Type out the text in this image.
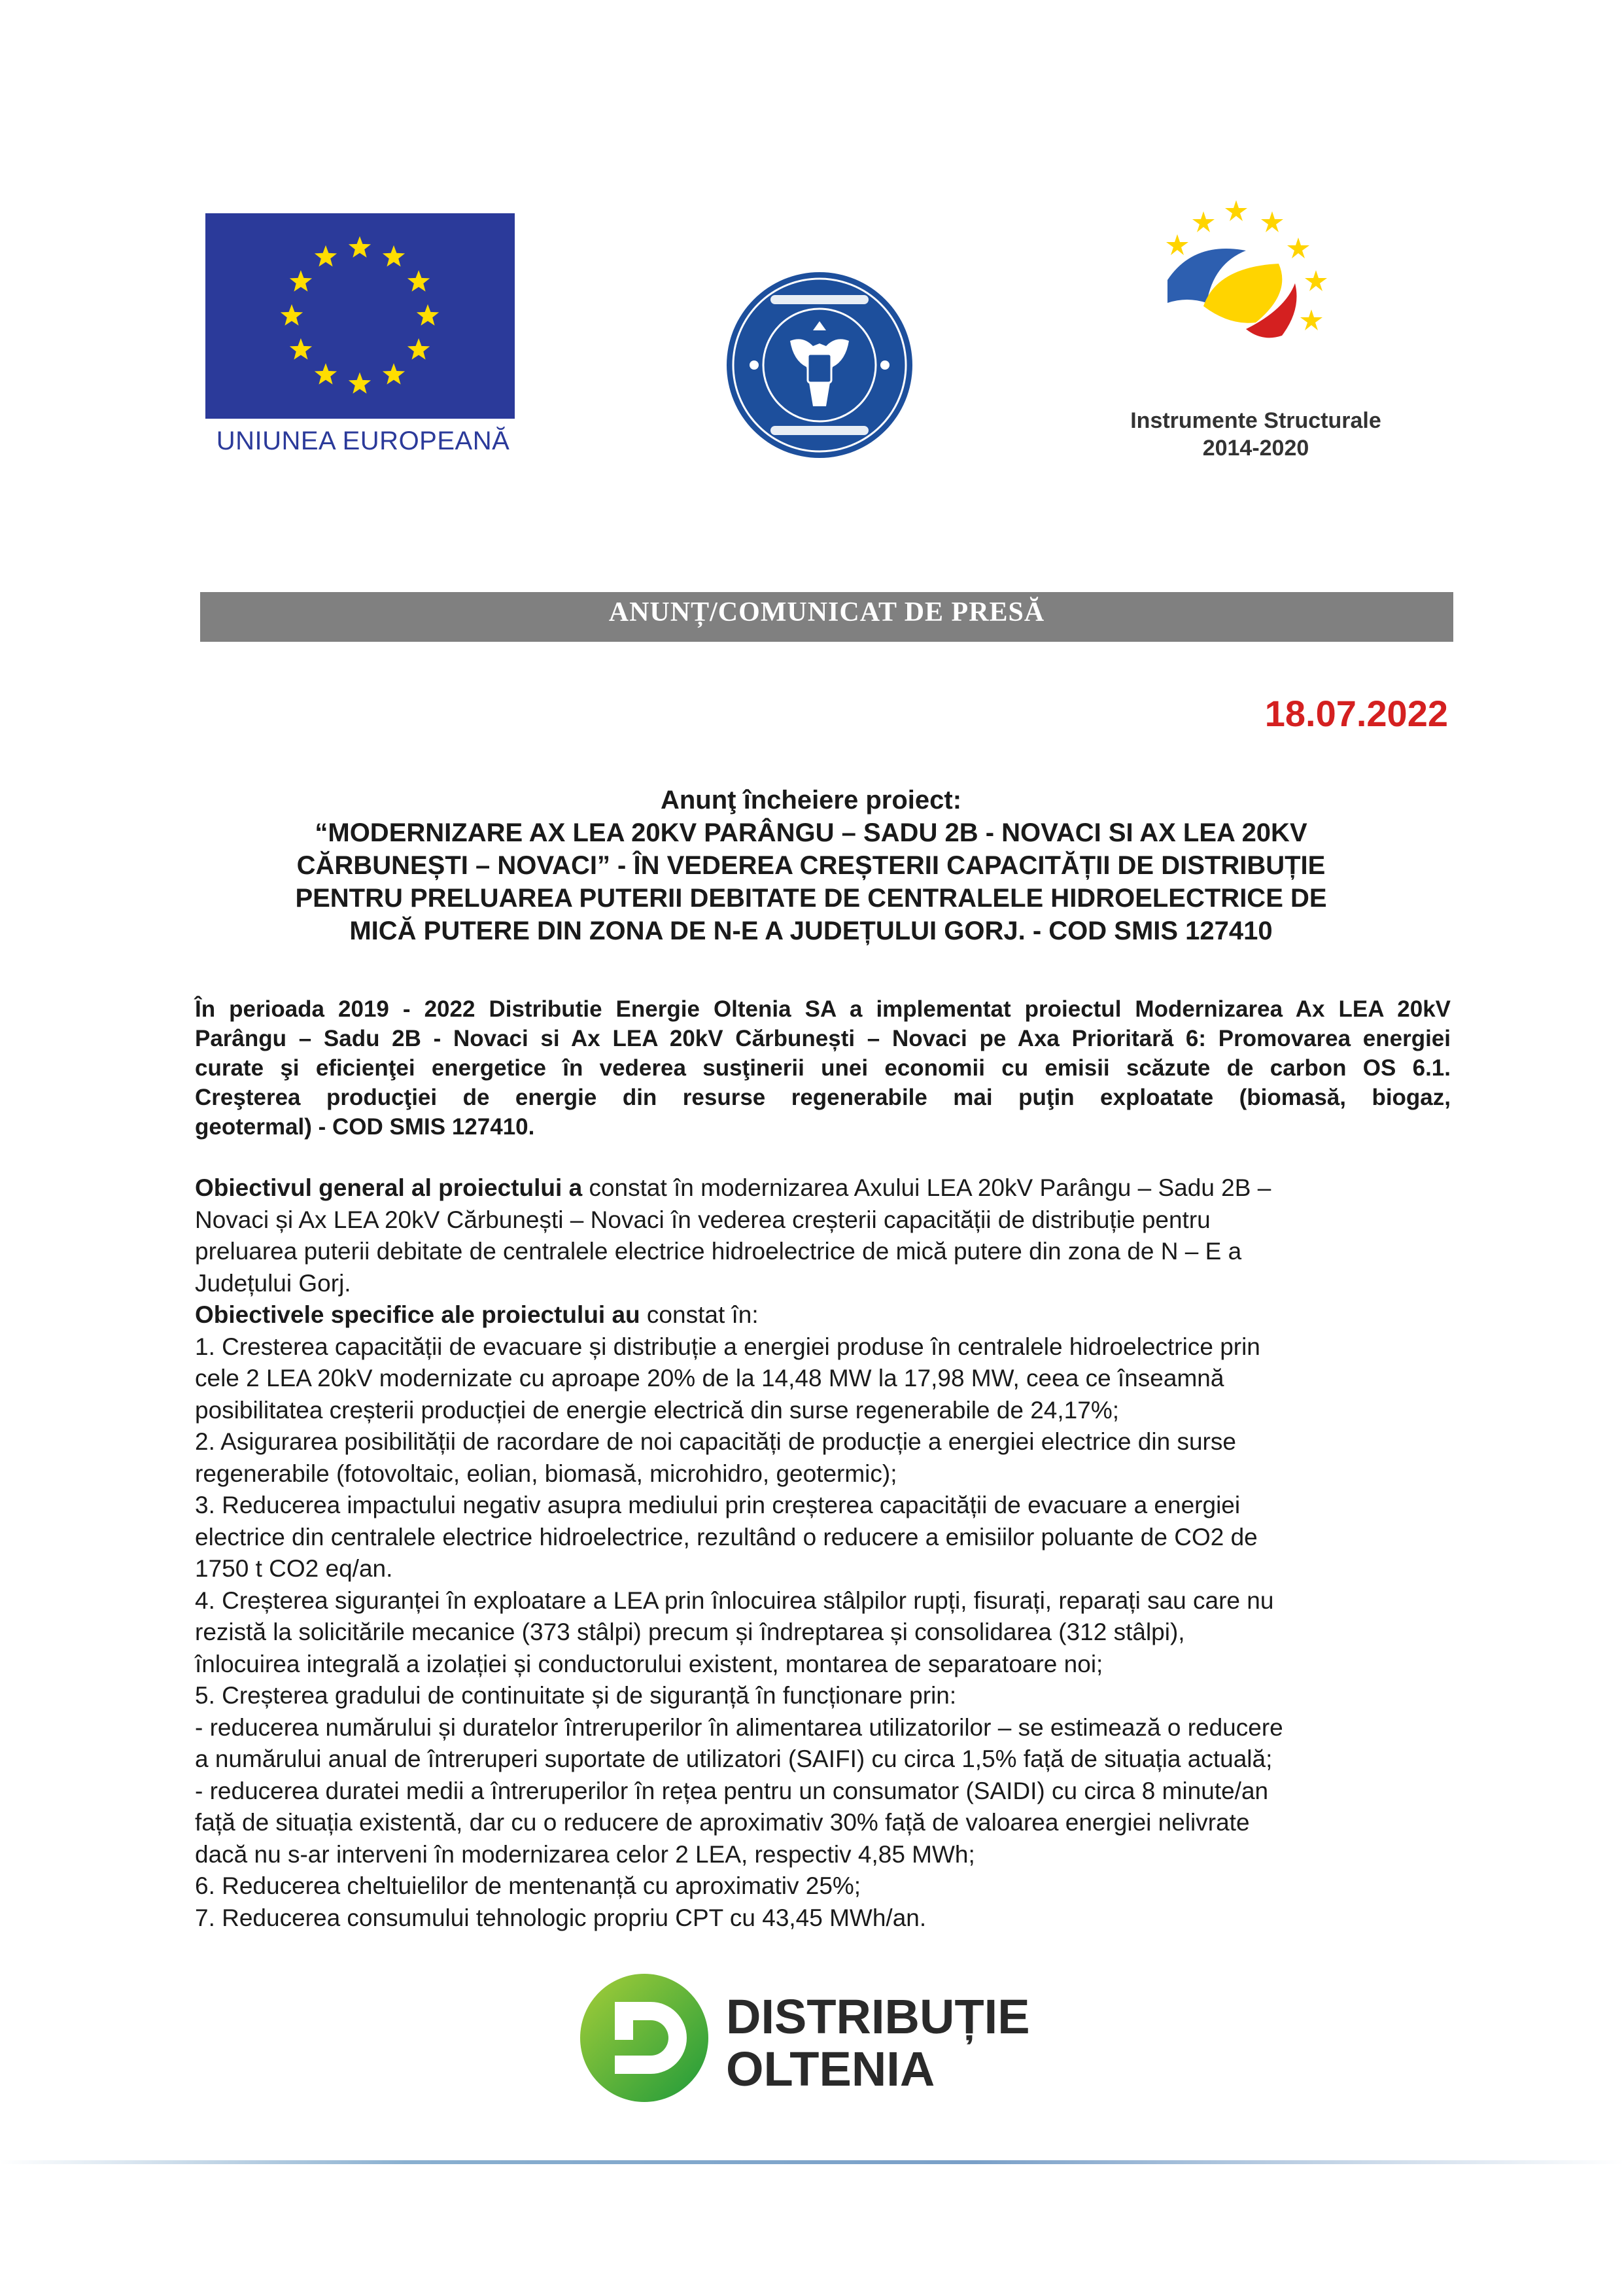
UNIUNEA EUROPEANĂ
Instrumente Structurale
2014-2020
ANUNȚ/COMUNICAT DE PRESĂ
18.07.2022
Anunţ încheiere proiect:
“MODERNIZARE AX LEA 20KV PARÂNGU – SADU 2B - NOVACI SI AX LEA 20KV
CĂRBUNEȘTI – NOVACI” - ÎN VEDEREA CREȘTERII CAPACITĂȚII DE DISTRIBUȚIE
PENTRU PRELUAREA PUTERII DEBITATE DE CENTRALELE HIDROELECTRICE DE
MICĂ PUTERE DIN ZONA DE N-E A JUDEȚULUI GORJ. - COD SMIS 127410
În perioada 2019 - 2022 Distributie Energie Oltenia SA a implementat proiectul Modernizarea Ax LEA 20kV
Parângu – Sadu 2B - Novaci si Ax LEA 20kV Cărbunești – Novaci pe Axa Prioritară 6: Promovarea energiei
curate şi eficienţei energetice în vederea susţinerii unei economii cu emisii scăzute de carbon OS 6.1.
Creşterea producţiei de energie din resurse regenerabile mai puţin exploatate (biomasă, biogaz,
geotermal) - COD SMIS 127410.
Obiectivul general al proiectului a constat în modernizarea Axului LEA 20kV Parângu – Sadu 2B –
Novaci și Ax LEA 20kV Cărbunești – Novaci în vederea creșterii capacității de distribuție pentru
preluarea puterii debitate de centralele electrice hidroelectrice de mică putere din zona de N – E a
Județului Gorj.
Obiectivele specifice ale proiectului au constat în:
1. Cresterea capacității de evacuare și distribuție a energiei produse în centralele hidroelectrice prin
cele 2 LEA 20kV modernizate cu aproape 20% de la 14,48 MW la 17,98 MW, ceea ce înseamnă
posibilitatea creșterii producției de energie electrică din surse regenerabile de 24,17%;
2. Asigurarea posibilității de racordare de noi capacități de producție a energiei electrice din surse
regenerabile (fotovoltaic, eolian, biomasă, microhidro, geotermic);
3. Reducerea impactului negativ asupra mediului prin creșterea capacității de evacuare a energiei
electrice din centralele electrice hidroelectrice, rezultând o reducere a emisiilor poluante de CO2 de
1750 t CO2 eq/an.
4. Creșterea siguranței în exploatare a LEA prin înlocuirea stâlpilor rupți, fisurați, reparați sau care nu
rezistă la solicitările mecanice (373 stâlpi) precum și îndreptarea și consolidarea (312 stâlpi),
înlocuirea integrală a izolației și conductorului existent, montarea de separatoare noi;
5. Creșterea gradului de continuitate și de siguranță în funcționare prin:
- reducerea numărului și duratelor întreruperilor în alimentarea utilizatorilor – se estimează o reducere
a numărului anual de întreruperi suportate de utilizatori (SAIFI) cu circa 1,5% față de situația actuală;
- reducerea duratei medii a întreruperilor în rețea pentru un consumator (SAIDI) cu circa 8 minute/an
față de situația existentă, dar cu o reducere de aproximativ 30% față de valoarea energiei nelivrate
dacă nu s-ar interveni în modernizarea celor 2 LEA, respectiv 4,85 MWh;
6. Reducerea cheltuielilor de mentenanță cu aproximativ 25%;
7. Reducerea consumului tehnologic propriu CPT cu 43,45 MWh/an.
DISTRIBUȚIE
OLTENIA
